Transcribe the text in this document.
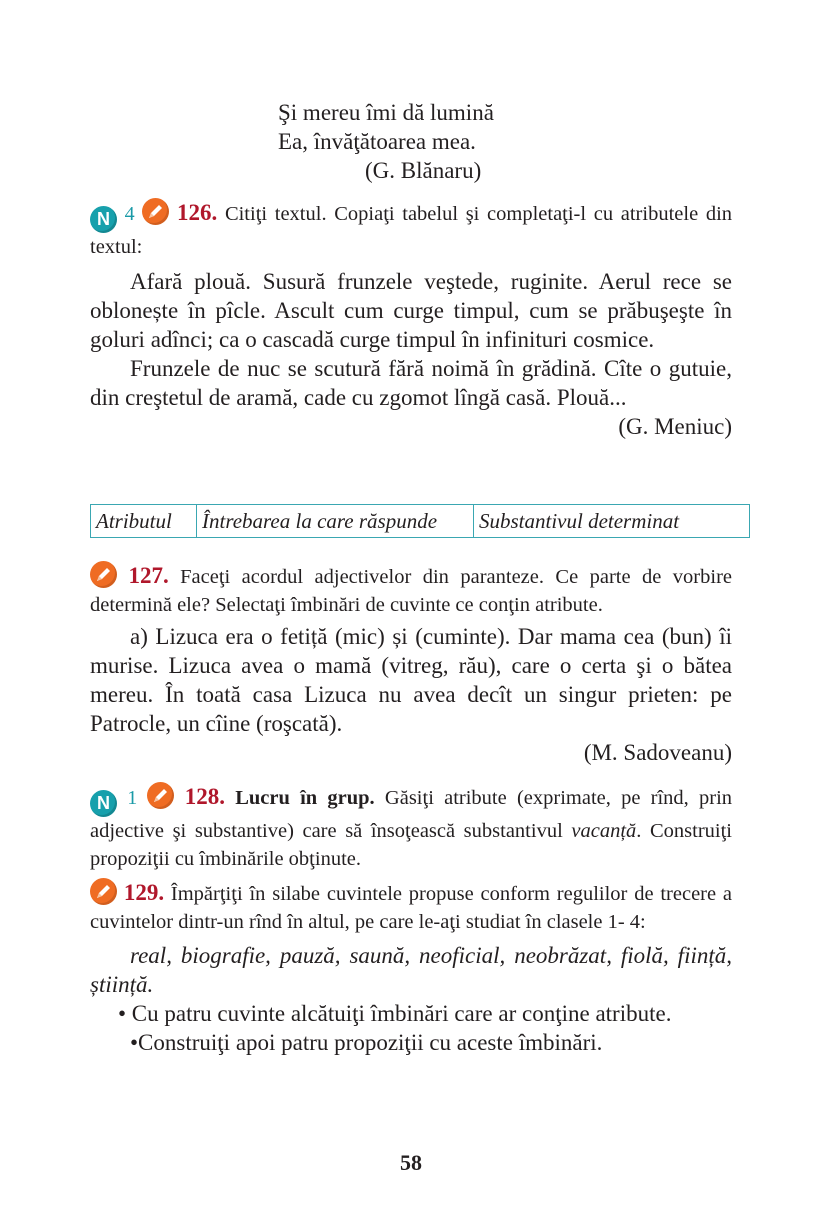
Şi mereu îmi dă lumină
Ea, învăţătoarea mea.
(G. Blănaru)
N 4 126. Citiţi textul. Copiaţi tabelul şi completaţi-l cu atributele din textul:
Afară plouă. Susură frunzele veştede, ruginite. Aerul rece se oblonește în pîcle. Ascult cum curge timpul, cum se prăbuşeşte în goluri adînci; ca o cascadă curge timpul în infinituri cosmice.
Frunzele de nuc se scutură fără noimă în grădină. Cîte o gutuie, din creştetul de aramă, cade cu zgomot lîngă casă. Plouă...
(G. Meniuc)
Atributul	Întrebarea la care răspunde	Substantivul determinat
127. Faceţi acordul adjectivelor din paranteze. Ce parte de vorbire determină ele? Selectaţi îmbinări de cuvinte ce conţin atribute.
a) Lizuca era o fetiță (mic) și (cuminte). Dar mama cea (bun) îi murise. Lizuca avea o mamă (vitreg, rău), care o certa şi o bătea mereu. În toată casa Lizuca nu avea decît un singur prieten: pe Patrocle, un cîine (roşcată).
(M. Sadoveanu)
N 1 128. Lucru în grup. Găsiţi atribute (exprimate, pe rînd, prin adjective şi substantive) care să însoţească substantivul vacanță. Construiţi propoziţii cu îmbinările obţinute.
129. Împărţiţi în silabe cuvintele propuse conform regulilor de trecere a cuvintelor dintr-un rînd în altul, pe care le-aţi studiat în clasele 1- 4:
real, biografie, pauză, saună, neoficial, neobrăzat, fiolă, ființă, știință.
• Cu patru cuvinte alcătuiţi îmbinări care ar conţine atribute.
•Construiţi apoi patru propoziţii cu aceste îmbinări.
58
